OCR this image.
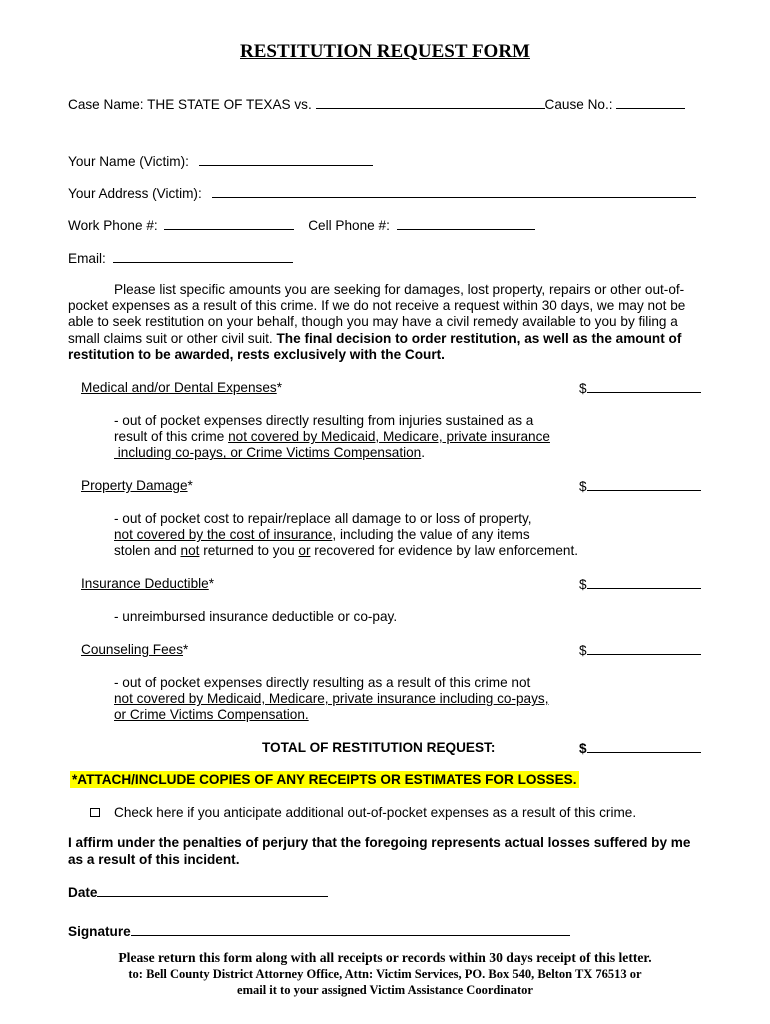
RESTITUTION REQUEST FORM
Case Name: THE STATE OF TEXAS vs.	Cause No.:
Your Name (Victim):
Your Address (Victim):
Work Phone #:	Cell Phone #:
Email:
Please list specific amounts you are seeking for damages, lost property, repairs or other out-of-pocket expenses as a result of this crime. If we do not receive a request within 30 days, we may not be able to seek restitution on your behalf, though you may have a civil remedy available to you by filing a small claims suit or other civil suit. The final decision to order restitution, as well as the amount of restitution to be awarded, rests exclusively with the Court.
Medical and/or Dental Expenses*	$
- out of pocket expenses directly resulting from injuries sustained as a
result of this crime not covered by Medicaid, Medicare, private insurance
including co-pays, or Crime Victims Compensation.
Property Damage*	$
- out of pocket cost to repair/replace all damage to or loss of property,
not covered by the cost of insurance, including the value of any items
stolen and not returned to you or recovered for evidence by law enforcement.
Insurance Deductible*	$
- unreimbursed insurance deductible or co-pay.
Counseling Fees*	$
- out of pocket expenses directly resulting as a result of this crime not
not covered by Medicaid, Medicare, private insurance including co-pays,
or Crime Victims Compensation.
TOTAL OF RESTITUTION REQUEST:	$
*ATTACH/INCLUDE COPIES OF ANY RECEIPTS OR ESTIMATES FOR LOSSES.
Check here if you anticipate additional out-of-pocket expenses as a result of this crime.
I affirm under the penalties of perjury that the foregoing represents actual losses suffered by me as a result of this incident.
Date
Signature
Please return this form along with all receipts or records within 30 days receipt of this letter.
to: Bell County District Attorney Office, Attn: Victim Services, PO. Box 540, Belton TX 76513 or
email it to your assigned Victim Assistance Coordinator
